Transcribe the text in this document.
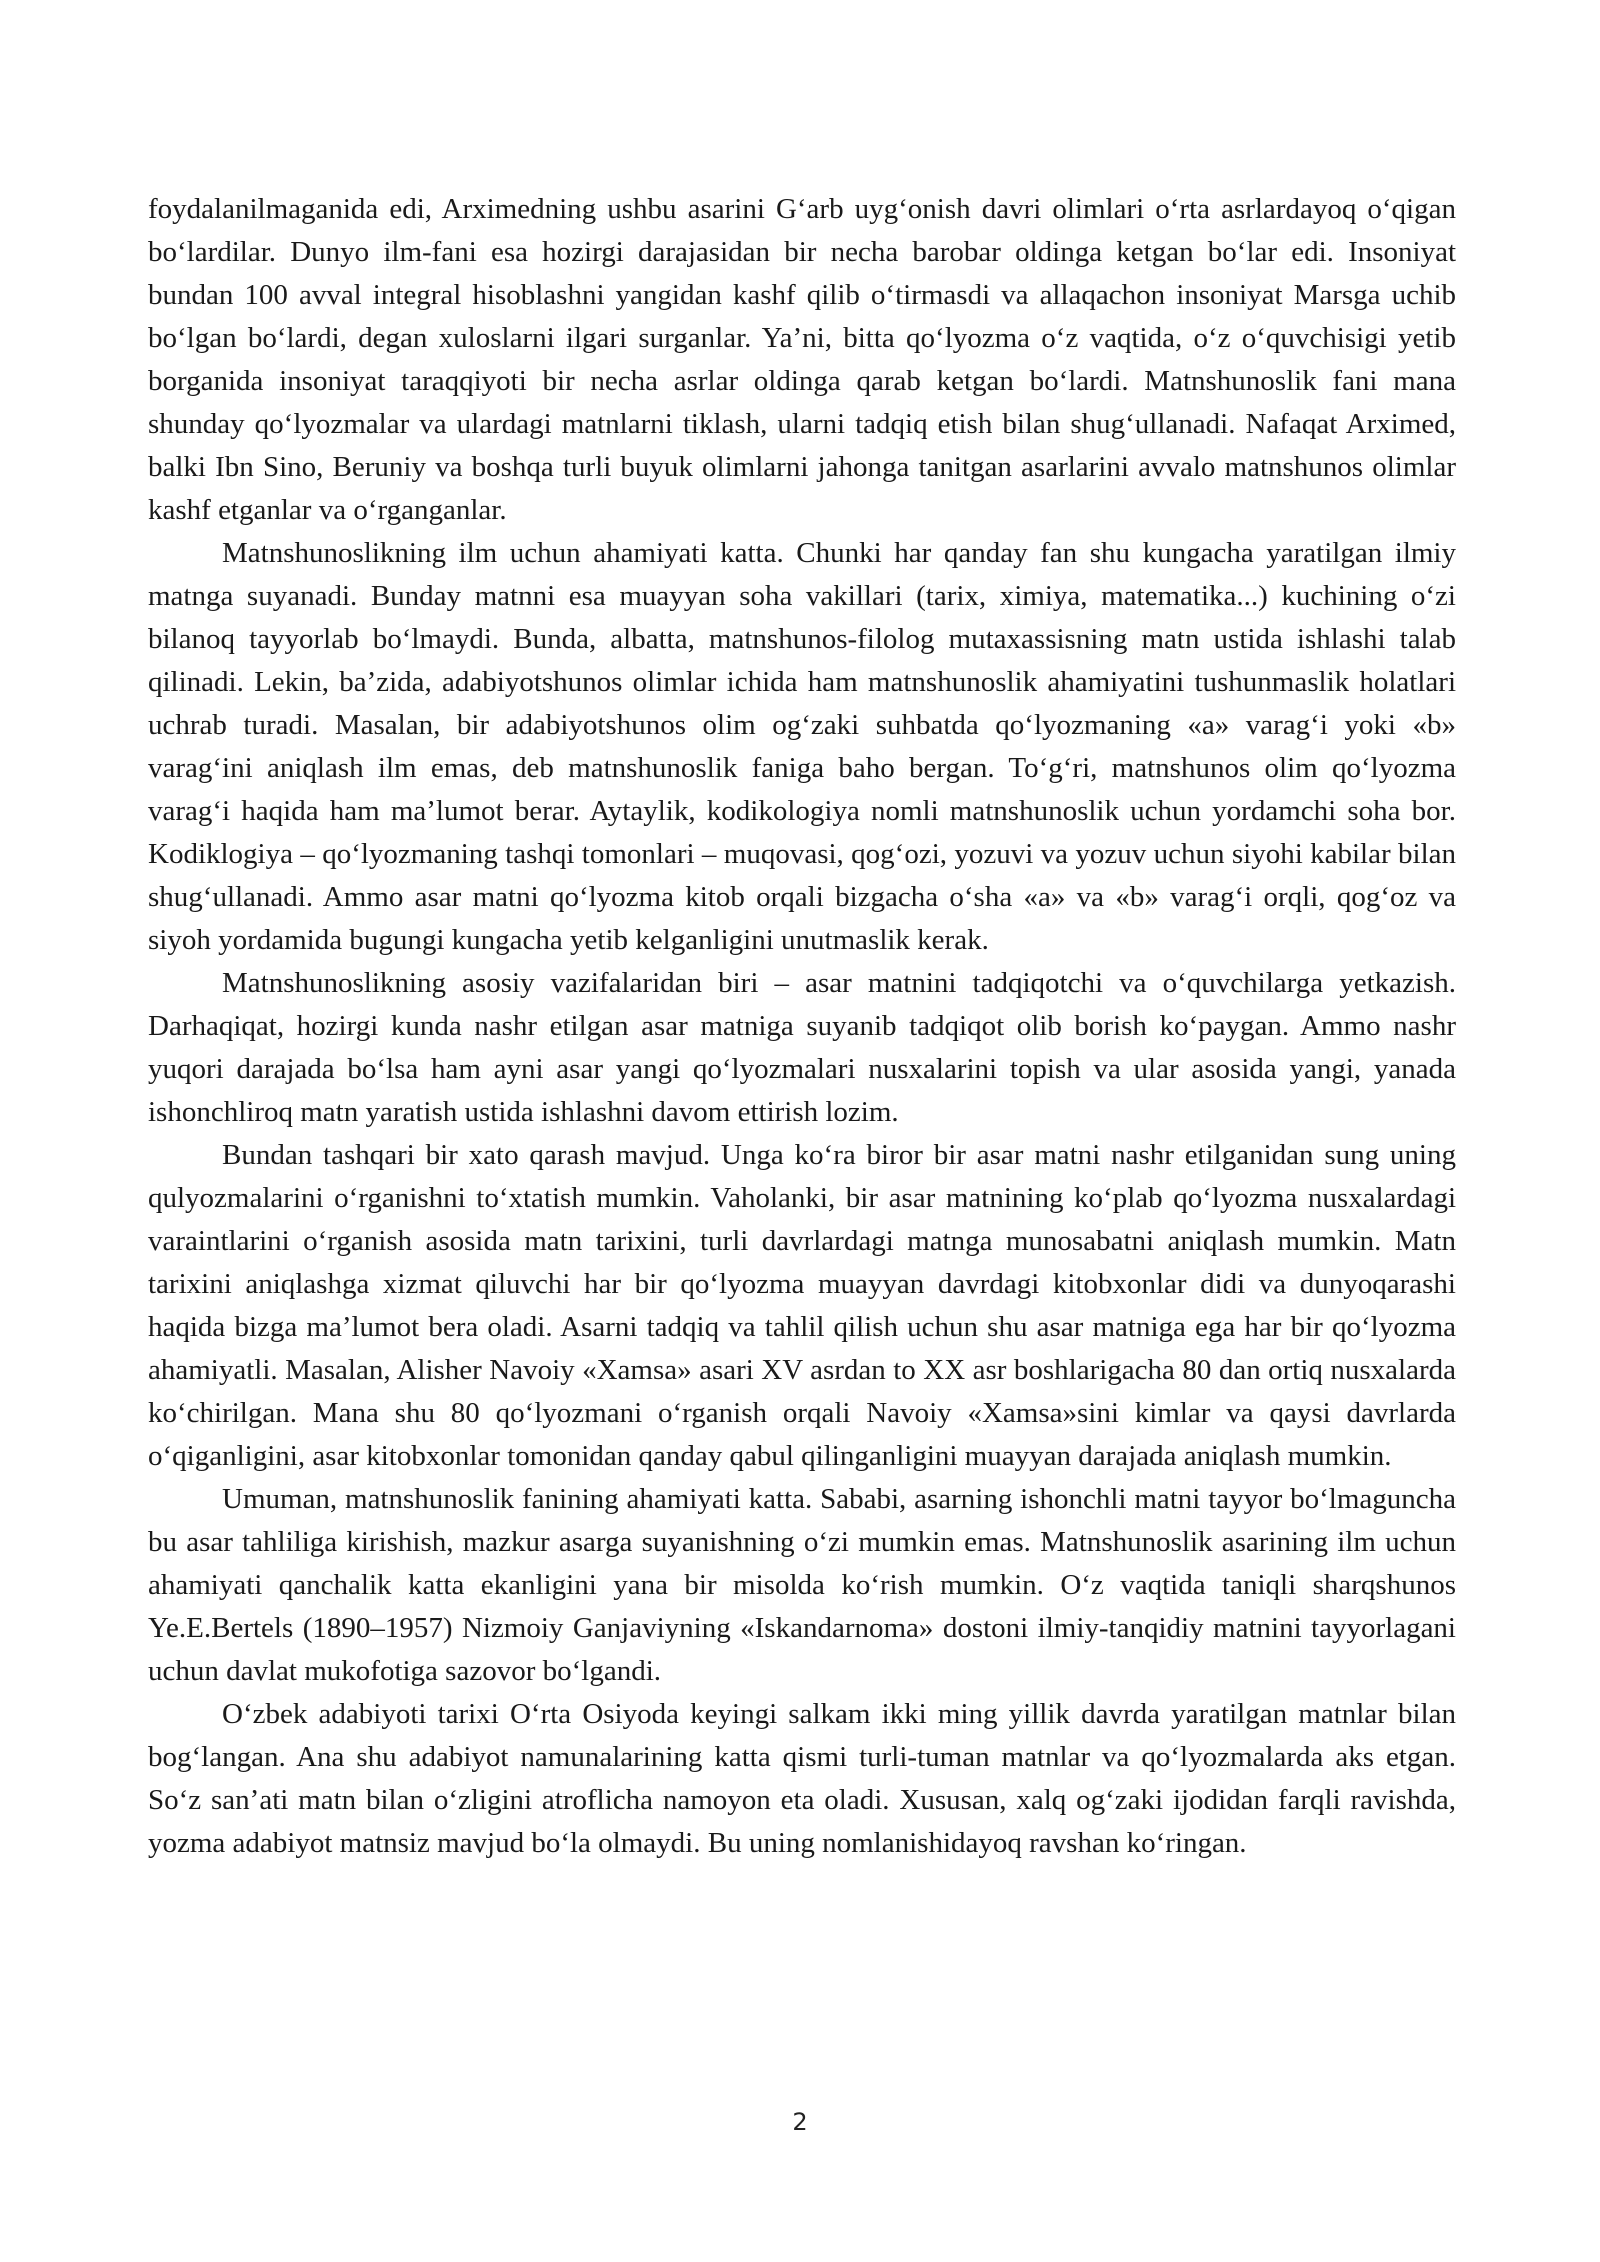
foydalanilmaganida edi, Arximedning ushbu asarini G‘arb uyg‘onish davri olimlari o‘rta asrlardayoq o‘qigan bo‘lardilar. Dunyo ilm-fani esa hozirgi darajasidan bir necha barobar oldinga ketgan bo‘lar edi. Insoniyat bundan 100 avval integral hisoblashni yangidan kashf qilib o‘tirmasdi va allaqachon insoniyat Marsga uchib bo‘lgan bo‘lardi, degan xuloslarni ilgari surganlar. Ya’ni, bitta qo‘lyozma o‘z vaqtida, o‘z o‘quvchisigi yetib borganida insoniyat taraqqiyoti bir necha asrlar oldinga qarab ketgan bo‘lardi. Matnshunoslik fani mana shunday qo‘lyozmalar va ulardagi matnlarni tiklash, ularni tadqiq etish bilan shug‘ullanadi. Nafaqat Arximed, balki Ibn Sino, Beruniy va boshqa turli buyuk olimlarni jahonga tanitgan asarlarini avvalo matnshunos olimlar kashf etganlar va o‘rganganlar.

Matnshunoslikning ilm uchun ahamiyati katta. Chunki har qanday fan shu kungacha yaratilgan ilmiy matnga suyanadi. Bunday matnni esa muayyan soha vakillari (tarix, ximiya, matematika...) kuchining o‘zi bilanoq tayyorlab bo‘lmaydi. Bunda, albatta, matnshunos-filolog mutaxassisning matn ustida ishlashi talab qilinadi. Lekin, ba’zida, adabiyotshunos olimlar ichida ham matnshunoslik ahamiyatini tushunmaslik holatlari uchrab turadi. Masalan, bir adabiyotshunos olim og‘zaki suhbatda qo‘lyozmaning «a» varag‘i yoki «b» varag‘ini aniqlash ilm emas, deb matnshunoslik faniga baho bergan. To‘g‘ri, matnshunos olim qo‘lyozma varag‘i haqida ham ma’lumot berar. Aytaylik, kodikologiya nomli matnshunoslik uchun yordamchi soha bor. Kodiklogiya – qo‘lyozmaning tashqi tomonlari – muqovasi, qog‘ozi, yozuvi va yozuv uchun siyohi kabilar bilan shug‘ullanadi. Ammo asar matni qo‘lyozma kitob orqali bizgacha o‘sha «a» va «b» varag‘i orqli, qog‘oz va siyoh yordamida bugungi kungacha yetib kelganligini unutmaslik kerak.

Matnshunoslikning asosiy vazifalaridan biri – asar matnini tadqiqotchi va o‘quvchilarga yetkazish. Darhaqiqat, hozirgi kunda nashr etilgan asar matniga suyanib tadqiqot olib borish ko‘paygan. Ammo nashr yuqori darajada bo‘lsa ham ayni asar yangi qo‘lyozmalari nusxalarini topish va ular asosida yangi, yanada ishonchliroq matn yaratish ustida ishlashni davom ettirish lozim.

Bundan tashqari bir xato qarash mavjud. Unga ko‘ra biror bir asar matni nashr etilganidan sung uning qulyozmalarini o‘rganishni to‘xtatish mumkin. Vaholanki, bir asar matnining ko‘plab qo‘lyozma nusxalardagi varaintlarini o‘rganish asosida matn tarixini, turli davrlardagi matnga munosabatni aniqlash mumkin. Matn tarixini aniqlashga xizmat qiluvchi har bir qo‘lyozma muayyan davrdagi kitobxonlar didi va dunyoqarashi haqida bizga ma’lumot bera oladi. Asarni tadqiq va tahlil qilish uchun shu asar matniga ega har bir qo‘lyozma ahamiyatli. Masalan, Alisher Navoiy «Xamsa» asari XV asrdan to XX asr boshlarigacha 80 dan ortiq nusxalarda ko‘chirilgan. Mana shu 80 qo‘lyozmani o‘rganish orqali Navoiy «Xamsa»sini kimlar va qaysi davrlarda o‘qiganligini, asar kitobxonlar tomonidan qanday qabul qilinganligini muayyan darajada aniqlash mumkin.

Umuman, matnshunoslik fanining ahamiyati katta. Sababi, asarning ishonchli matni tayyor bo‘lmaguncha bu asar tahliliga kirishish, mazkur asarga suyanishning o‘zi mumkin emas. Matnshunoslik asarining ilm uchun ahamiyati qanchalik katta ekanligini yana bir misolda ko‘rish mumkin. O‘z vaqtida taniqli sharqshunos Ye.E.Bertels (1890–1957) Nizmoiy Ganjaviyning «Iskandarnoma» dostoni ilmiy-tanqidiy matnini tayyorlagani uchun davlat mukofotiga sazovor bo‘lgandi.

O‘zbek adabiyoti tarixi O‘rta Osiyoda keyingi salkam ikki ming yillik davrda yaratilgan matnlar bilan bog‘langan. Ana shu adabiyot namunalarining katta qismi turli-tuman matnlar va qo‘lyozmalarda aks etgan. So‘z san’ati matn bilan o‘zligini atroflicha namoyon eta oladi. Xususan, xalq og‘zaki ijodidan farqli ravishda, yozma adabiyot matnsiz mavjud bo‘la olmaydi. Bu uning nomlanishidayoq ravshan ko‘ringan.

2
